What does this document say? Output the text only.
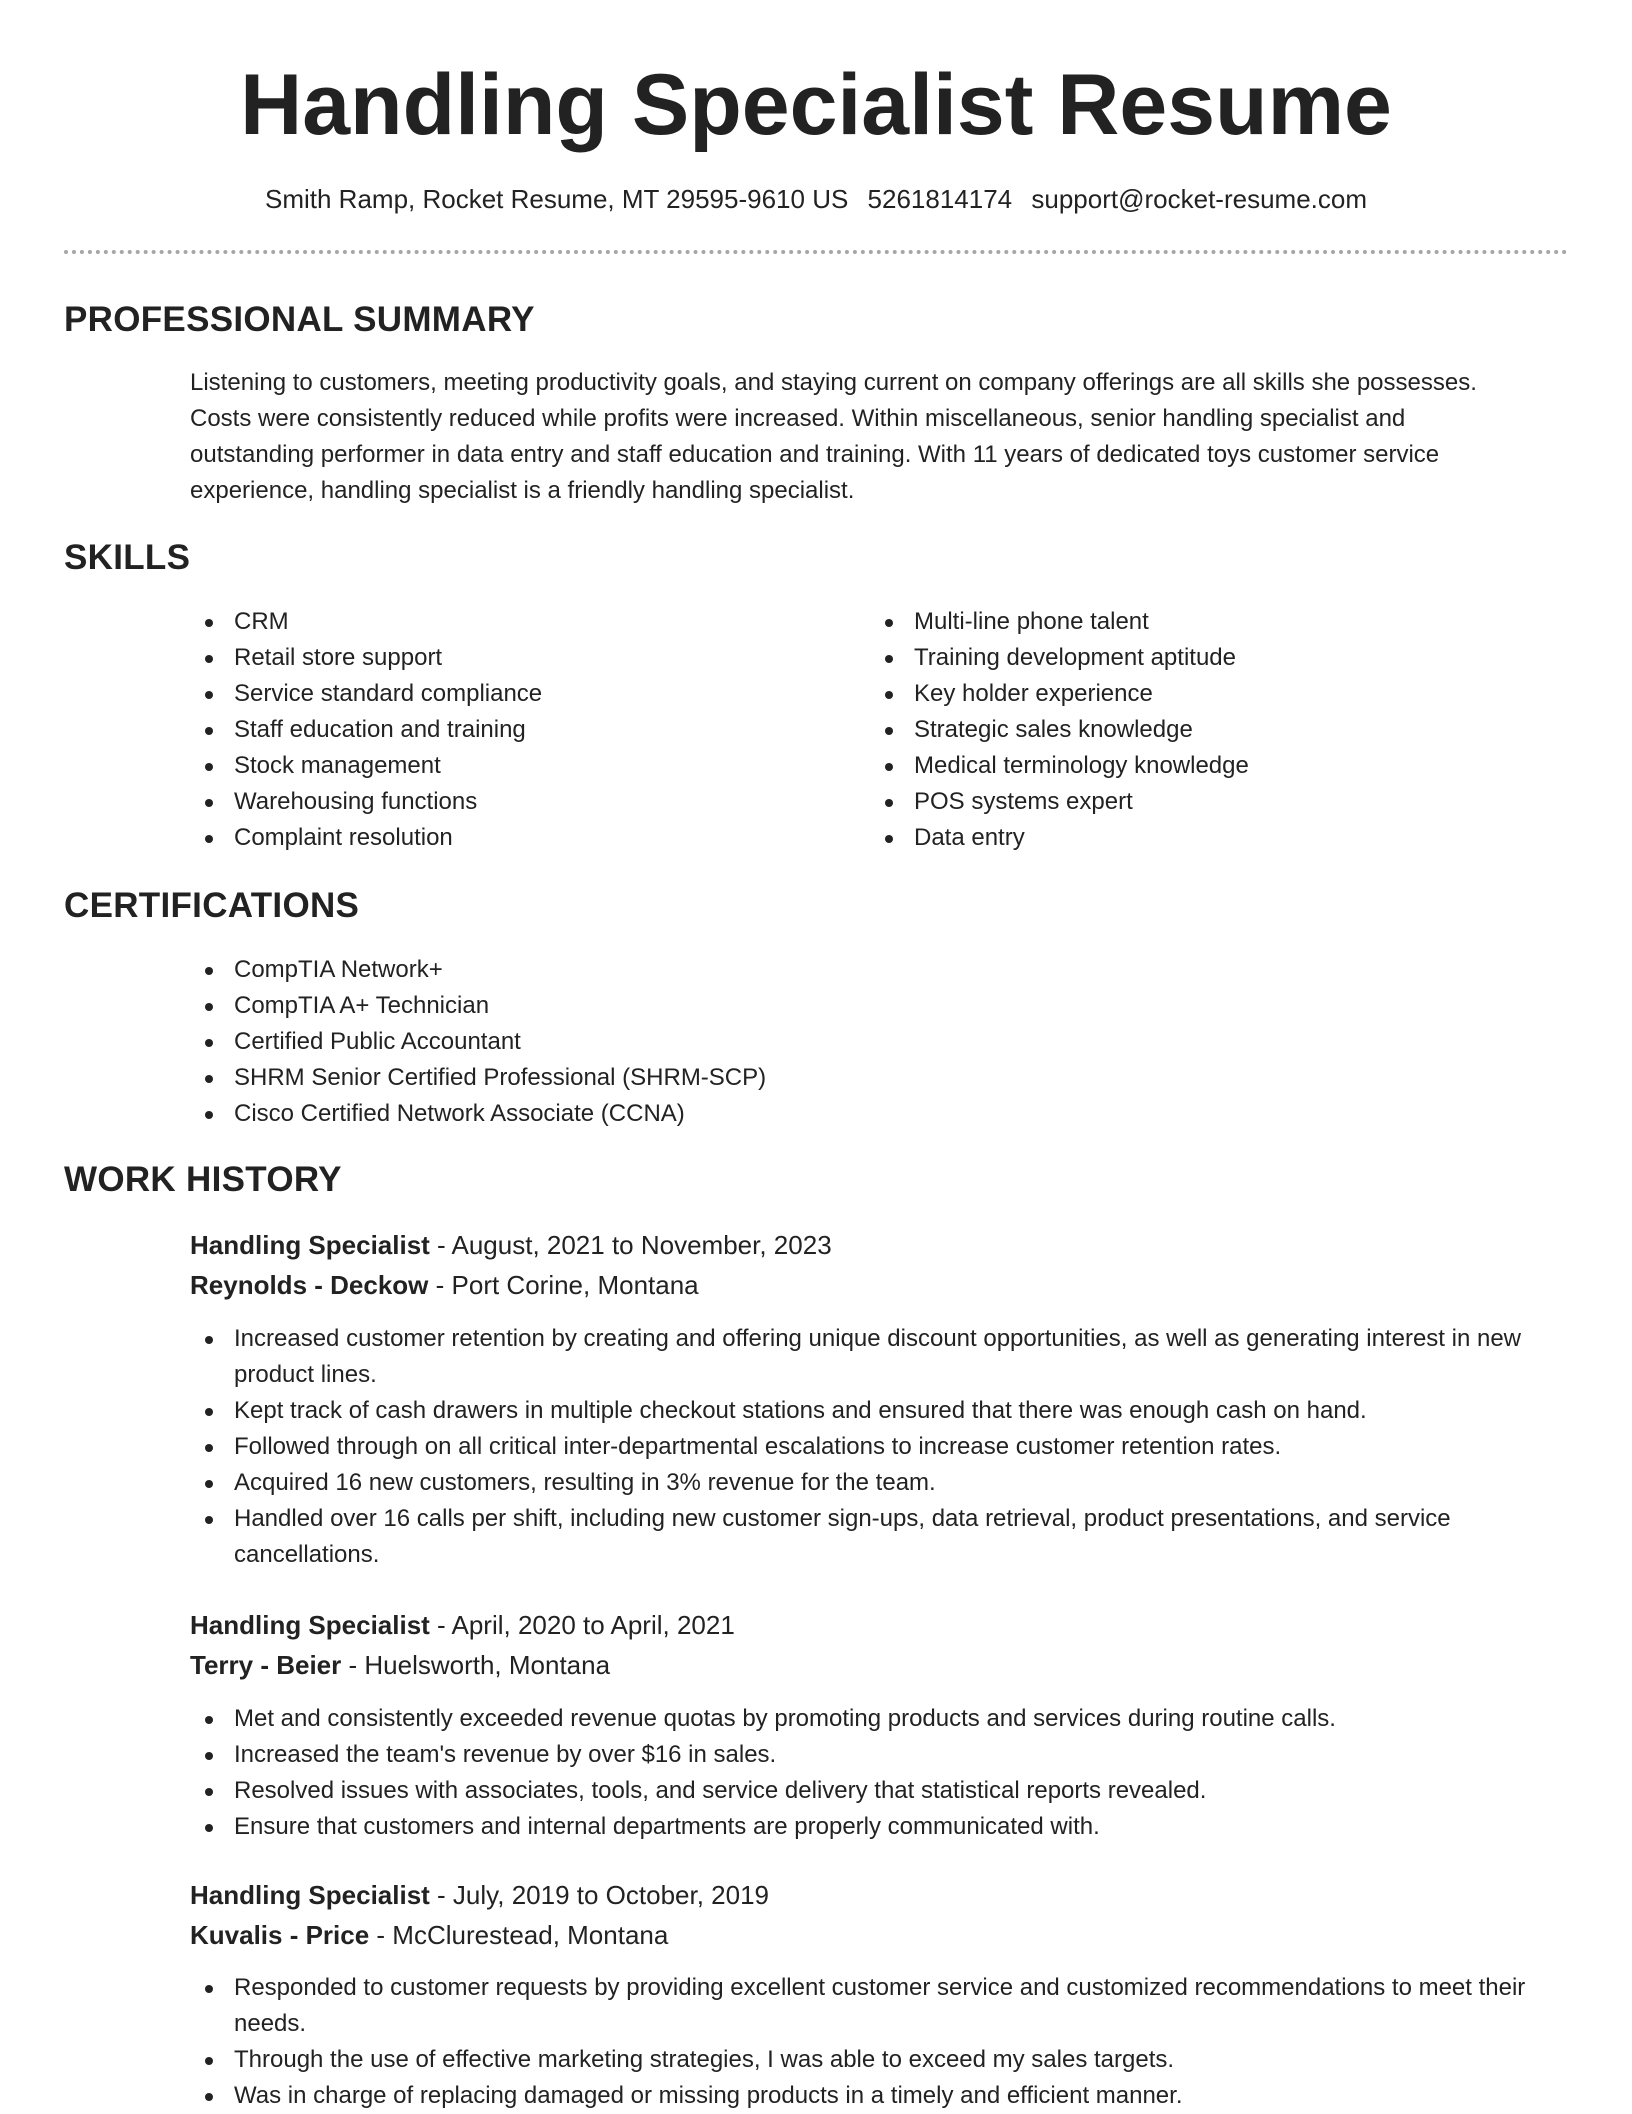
Handling Specialist Resume
Smith Ramp, Rocket Resume, MT 29595-9610 US 5261814174 support@rocket-resume.com
PROFESSIONAL SUMMARY

Listening to customers, meeting productivity goals, and staying current on company offerings are all skills she possesses. Costs were consistently reduced while profits were increased. Within miscellaneous, senior handling specialist and outstanding performer in data entry and staff education and training. With 11 years of dedicated toys customer service experience, handling specialist is a friendly handling specialist.

SKILLS
CRM
Retail store support
Service standard compliance
Staff education and training
Stock management
Warehousing functions
Complaint resolution
Multi-line phone talent
Training development aptitude
Key holder experience
Strategic sales knowledge
Medical terminology knowledge
POS systems expert
Data entry
CERTIFICATIONS
CompTIA Network+
CompTIA A+ Technician
Certified Public Accountant
SHRM Senior Certified Professional (SHRM-SCP)
Cisco Certified Network Associate (CCNA)
WORK HISTORY
Handling Specialist - August, 2021 to November, 2023
Reynolds - Deckow - Port Corine, Montana
Increased customer retention by creating and offering unique discount opportunities, as well as generating interest in new product lines.
Kept track of cash drawers in multiple checkout stations and ensured that there was enough cash on hand.
Followed through on all critical inter-departmental escalations to increase customer retention rates.
Acquired 16 new customers, resulting in 3% revenue for the team.
Handled over 16 calls per shift, including new customer sign-ups, data retrieval, product presentations, and service cancellations.
Handling Specialist - April, 2020 to April, 2021
Terry - Beier - Huelsworth, Montana
Met and consistently exceeded revenue quotas by promoting products and services during routine calls.
Increased the team's revenue by over $16 in sales.
Resolved issues with associates, tools, and service delivery that statistical reports revealed.
Ensure that customers and internal departments are properly communicated with.
Handling Specialist - July, 2019 to October, 2019
Kuvalis - Price - McClurestead, Montana
Responded to customer requests by providing excellent customer service and customized recommendations to meet their needs.
Through the use of effective marketing strategies, I was able to exceed my sales targets.
Was in charge of replacing damaged or missing products in a timely and efficient manner.
